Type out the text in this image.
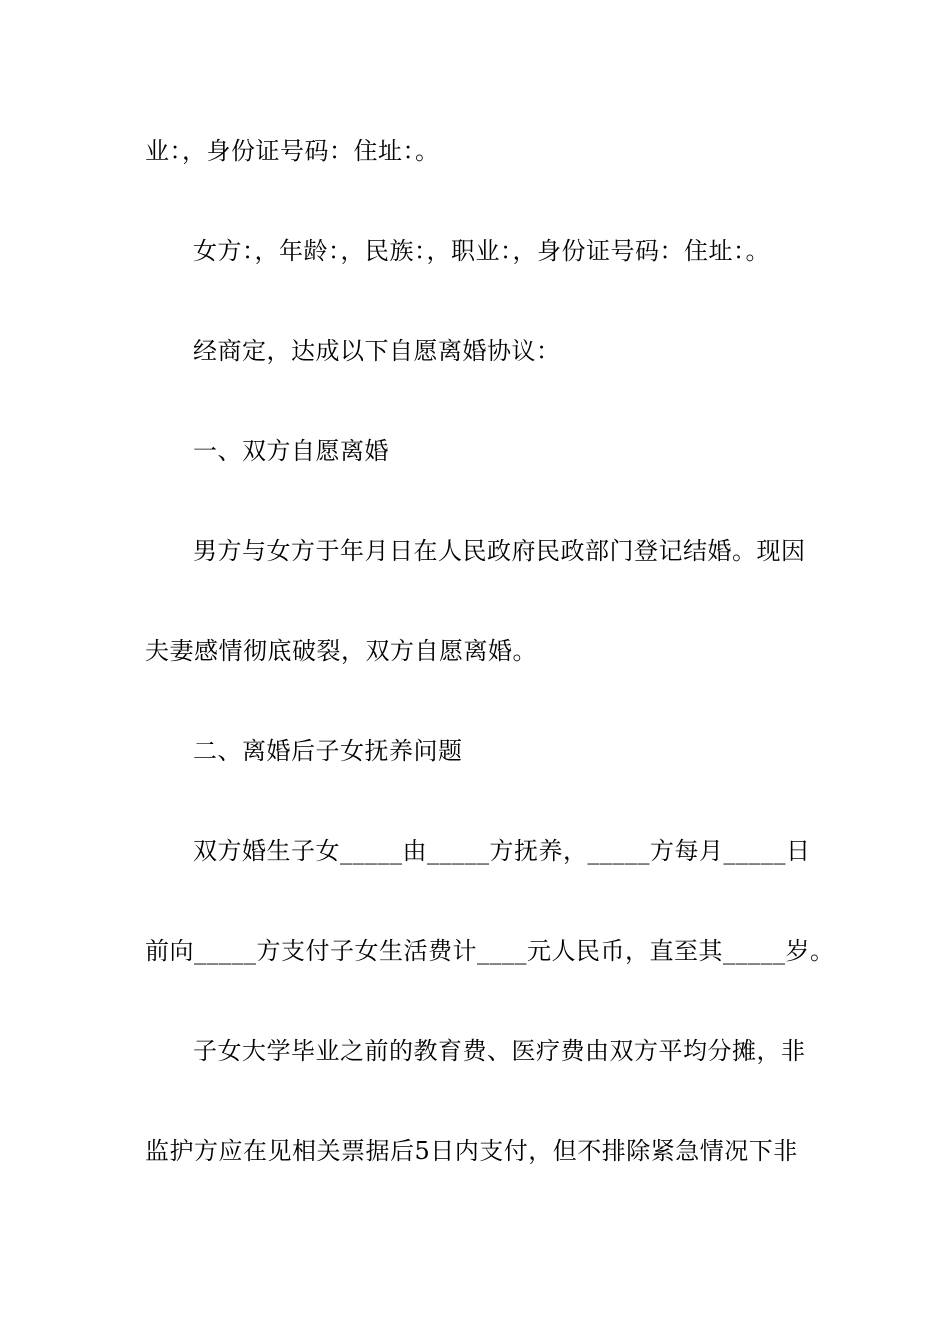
业：，身份证号码：住址：。
女方：，年龄：，民族：，职业：，身份证号码：住址：。
经商定，达成以下自愿离婚协议：
一、双方自愿离婚
男方与女方于年月日在人民政府民政部门登记结婚。现因
夫妻感情彻底破裂，双方自愿离婚。
二、离婚后子女抚养问题
双方婚生子女_____由_____方抚养，_____方每月_____日
前向_____方支付子女生活费计____元人民币，直至其_____岁。
子女大学毕业之前的教育费、医疗费由双方平均分摊，非
监护方应在见相关票据后5日内支付，但不排除紧急情况下非
